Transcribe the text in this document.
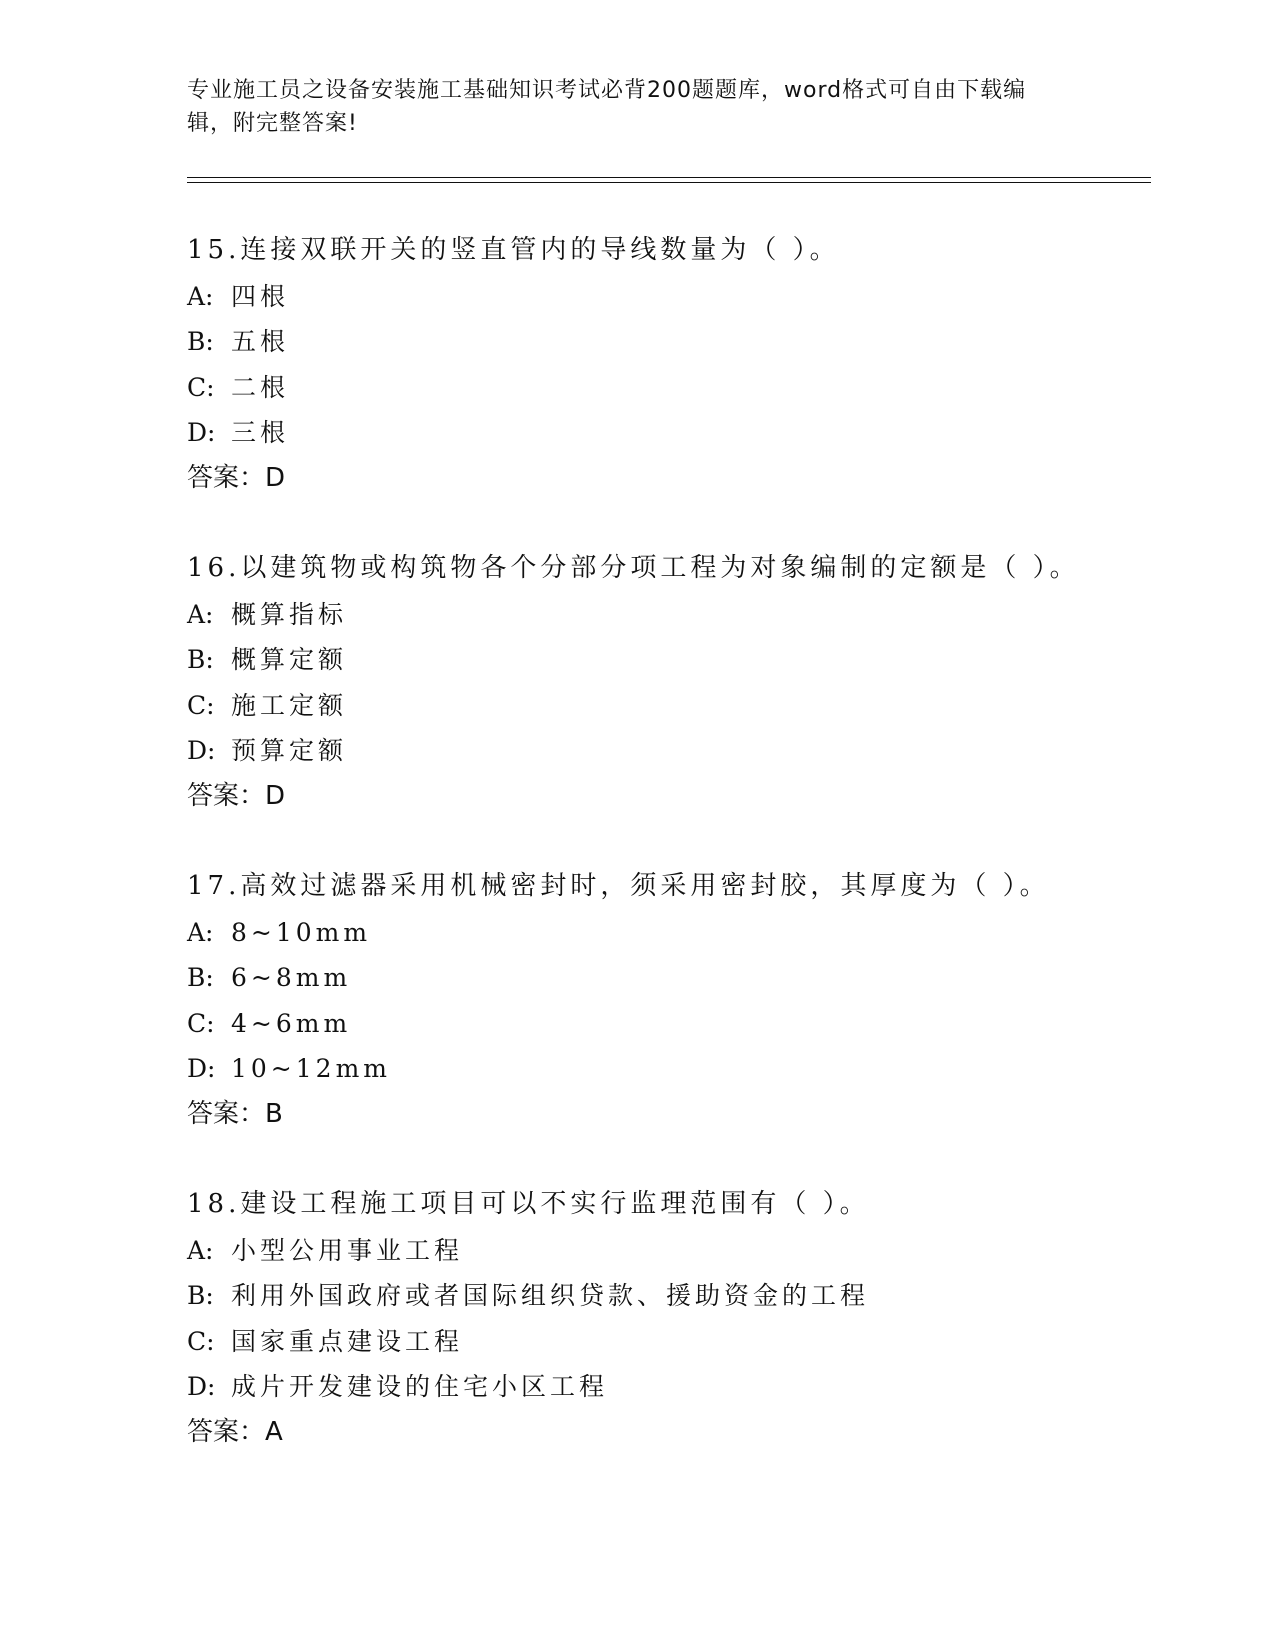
专业施工员之设备安装施工基础知识考试必背200题题库，word格式可自由下载编辑，附完整答案!
15.连接双联开关的竖直管内的导线数量为（ ）。
A: 四根
B: 五根
C: 二根
D: 三根
答案：D
16.以建筑物或构筑物各个分部分项工程为对象编制的定额是（ ）。
A: 概算指标
B: 概算定额
C: 施工定额
D: 预算定额
答案：D
17.高效过滤器采用机械密封时，须采用密封胶，其厚度为（ ）。
A: 8~10mm
B: 6~8mm
C: 4~6mm
D: 10~12mm
答案：B
18.建设工程施工项目可以不实行监理范围有（ ）。
A: 小型公用事业工程
B: 利用外国政府或者国际组织贷款、援助资金的工程
C: 国家重点建设工程
D: 成片开发建设的住宅小区工程
答案：A
